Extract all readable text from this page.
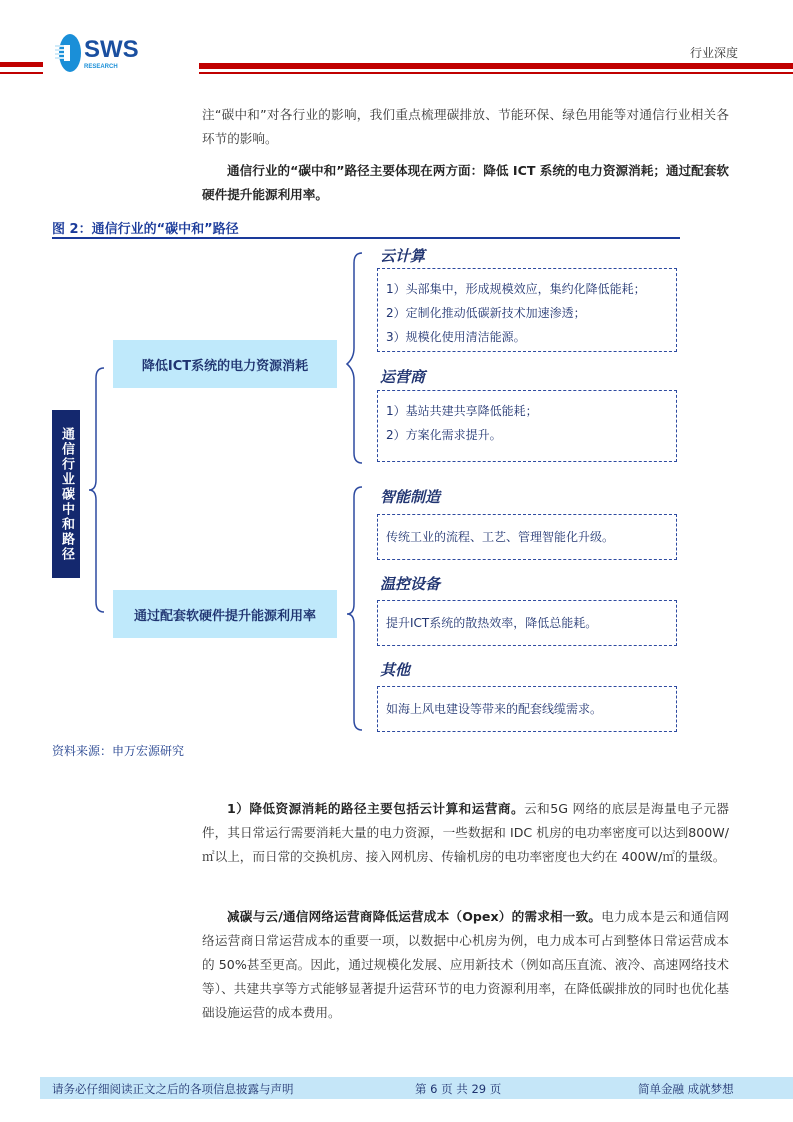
SWS
RESEARCH
行业深度
注“碳中和”对各行业的影响，我们重点梳理碳排放、节能环保、绿色用能等对通信行业相关各环节的影响。
通信行业的“碳中和”路径主要体现在两方面：降低 ICT 系统的电力资源消耗；通过配套软硬件提升能源利用率。
图 2：通信行业的“碳中和”路径
通信行业碳中和路径
降低ICT系统的电力资源消耗
通过配套软硬件提升能源利用率
云计算
1）头部集中，形成规模效应，集约化降低能耗；
2）定制化推动低碳新技术加速渗透；
3）规模化使用清洁能源。
运营商
1）基站共建共享降低能耗；
2）方案化需求提升。
智能制造
传统工业的流程、工艺、管理智能化升级。
温控设备
提升ICT系统的散热效率，降低总能耗。
其他
如海上风电建设等带来的配套线缆需求。
资料来源：申万宏源研究
1）降低资源消耗的路径主要包括云计算和运营商。云和5G 网络的底层是海量电子元器件，其日常运行需要消耗大量的电力资源，一些数据和 IDC 机房的电功率密度可以达到800W/㎡以上，而日常的交换机房、接入网机房、传输机房的电功率密度也大约在 400W/㎡的量级。
减碳与云/通信网络运营商降低运营成本（Opex）的需求相一致。电力成本是云和通信网络运营商日常运营成本的重要一项，以数据中心机房为例，电力成本可占到整体日常运营成本的 50%甚至更高。因此，通过规模化发展、应用新技术（例如高压直流、液冷、高速网络技术等）、共建共享等方式能够显著提升运营环节的电力资源利用率，在降低碳排放的同时也优化基础设施运营的成本费用。
请务必仔细阅读正文之后的各项信息披露与声明	第 6 页 共 29 页	简单金融 成就梦想
